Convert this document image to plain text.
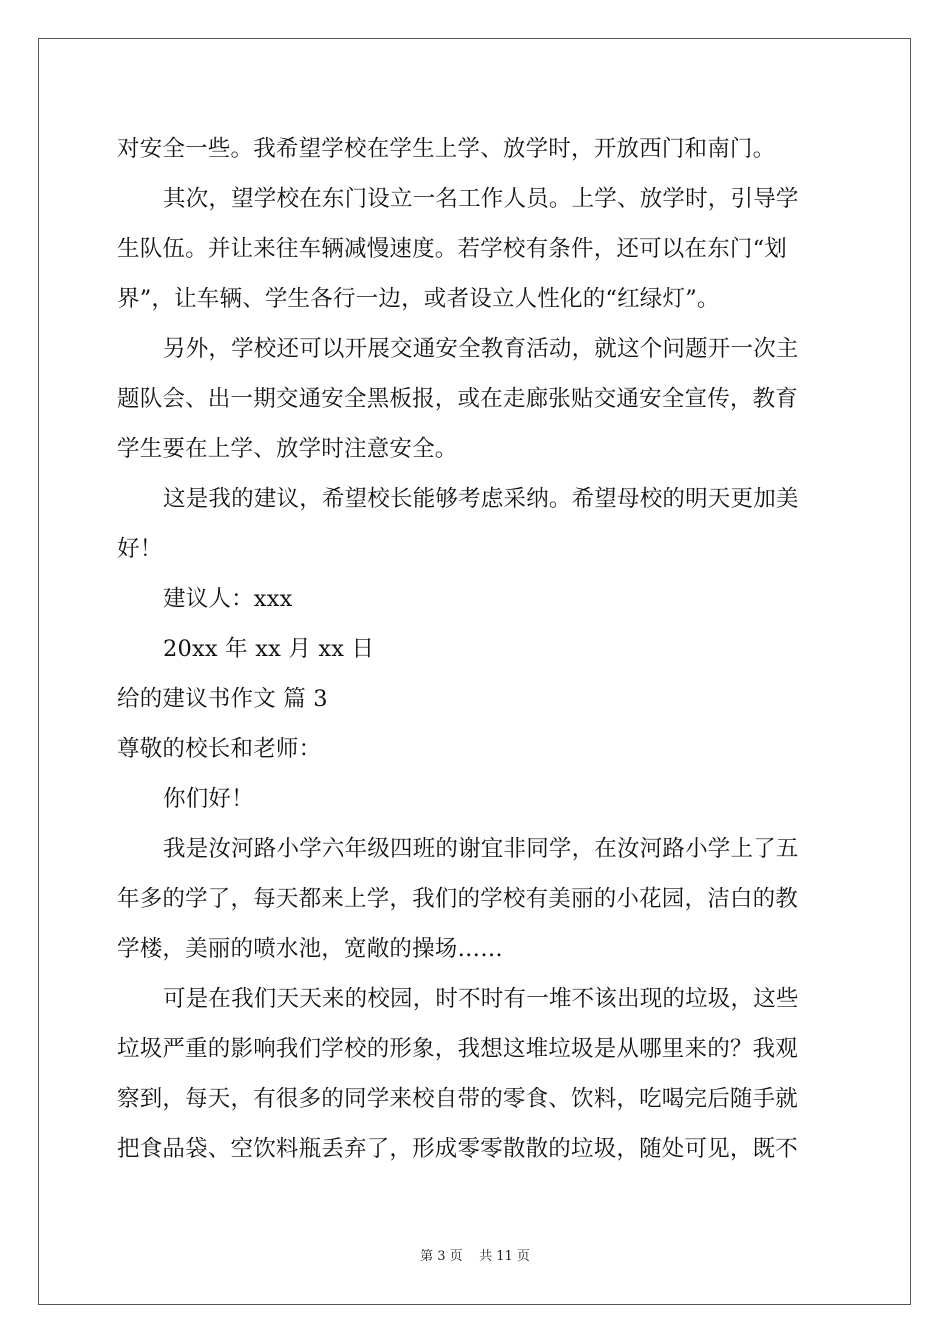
对安全一些。我希望学校在学生上学、放学时，开放西门和南门。
其次，望学校在东门设立一名工作人员。上学、放学时，引导学
生队伍。并让来往车辆减慢速度。若学校有条件，还可以在东门“划
界”，让车辆、学生各行一边，或者设立人性化的“红绿灯”。
另外，学校还可以开展交通安全教育活动，就这个问题开一次主
题队会、出一期交通安全黑板报，或在走廊张贴交通安全宣传，教育
学生要在上学、放学时注意安全。
这是我的建议，希望校长能够考虑采纳。希望母校的明天更加美
好！
建议人：xxx
20xx 年 xx 月 xx 日
给的建议书作文 篇 3
尊敬的校长和老师：
你们好！
我是汝河路小学六年级四班的谢宜非同学，在汝河路小学上了五
年多的学了，每天都来上学，我们的学校有美丽的小花园，洁白的教
学楼，美丽的喷水池，宽敞的操场……
可是在我们天天来的校园，时不时有一堆不该出现的垃圾，这些
垃圾严重的影响我们学校的形象，我想这堆垃圾是从哪里来的？我观
察到，每天，有很多的同学来校自带的零食、饮料，吃喝完后随手就
把食品袋、空饮料瓶丢弃了，形成零零散散的垃圾，随处可见，既不
第 3 页    共 11 页
